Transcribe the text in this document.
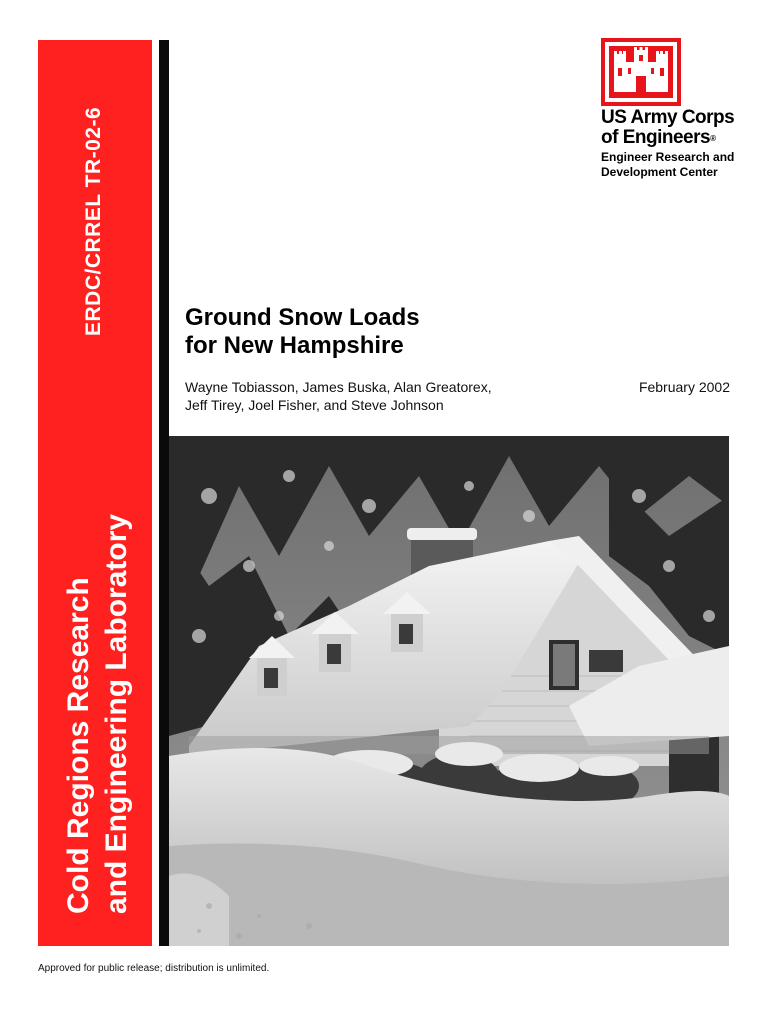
ERDC/CRREL TR-02-6
Cold Regions Research and Engineering Laboratory
US Army Corps
of Engineers®
Engineer Research and
Development Center
Ground Snow Loads
for New Hampshire
Wayne Tobiasson, James Buska, Alan Greatorex,
Jeff Tirey, Joel Fisher, and Steve Johnson
February 2002
Approved for public release; distribution is unlimited.
